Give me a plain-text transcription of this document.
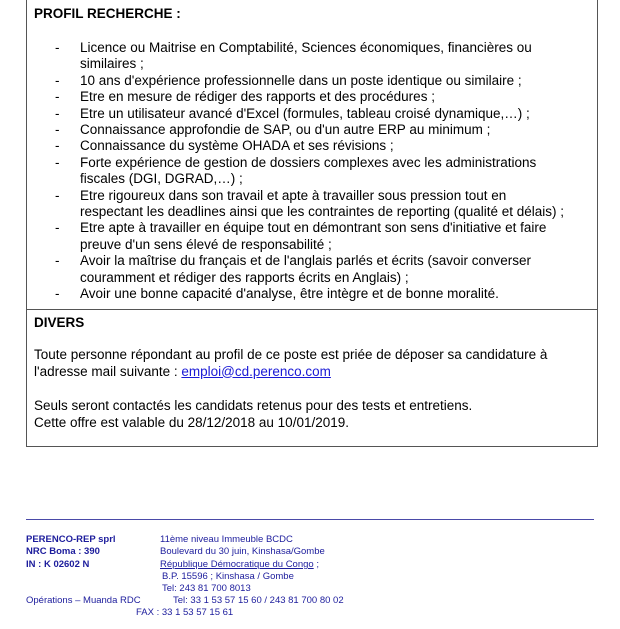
PROFIL RECHERCHE :
- Licence ou Maitrise en Comptabilité, Sciences économiques, financières ou similaires ;
- 10 ans d'expérience professionnelle dans un poste identique ou similaire ;
- Etre en mesure de rédiger des rapports et des procédures ;
- Etre un utilisateur avancé d'Excel (formules, tableau croisé dynamique,…) ;
- Connaissance approfondie de SAP, ou d'un autre ERP au minimum ;
- Connaissance du système OHADA et ses révisions ;
- Forte expérience de gestion de dossiers complexes avec les administrations fiscales (DGI, DGRAD,…) ;
- Etre rigoureux dans son travail et apte à travailler sous pression tout en respectant les deadlines ainsi que les contraintes de reporting (qualité et délais) ;
- Etre apte à travailler en équipe tout en démontrant son sens d'initiative et faire preuve d'un sens élevé de responsabilité ;
- Avoir la maîtrise du français et de l'anglais parlés et écrits (savoir converser couramment et rédiger des rapports écrits en Anglais) ;
- Avoir une bonne capacité d'analyse, être intègre et de bonne moralité.
DIVERS
Toute personne répondant au profil de ce poste est priée de déposer sa candidature à l'adresse mail suivante : emploi@cd.perenco.com
Seuls seront contactés les candidats retenus pour des tests et entretiens.
Cette offre est valable du 28/12/2018 au 10/01/2019.
PERENCO-REP sprl
NRC Boma : 390
IN : K 02602 N
Opérations – Muanda RDC
11ème niveau Immeuble BCDC
Boulevard du 30 juin, Kinshasa/Gombe
République Démocratique du Congo ;
B.P. 15596 ; Kinshasa / Gombe
Tel: 243 81 700 8013
Tel: 33 1 53 57 15 60 / 243 81 700 80 02
FAX : 33 1 53 57 15 61
